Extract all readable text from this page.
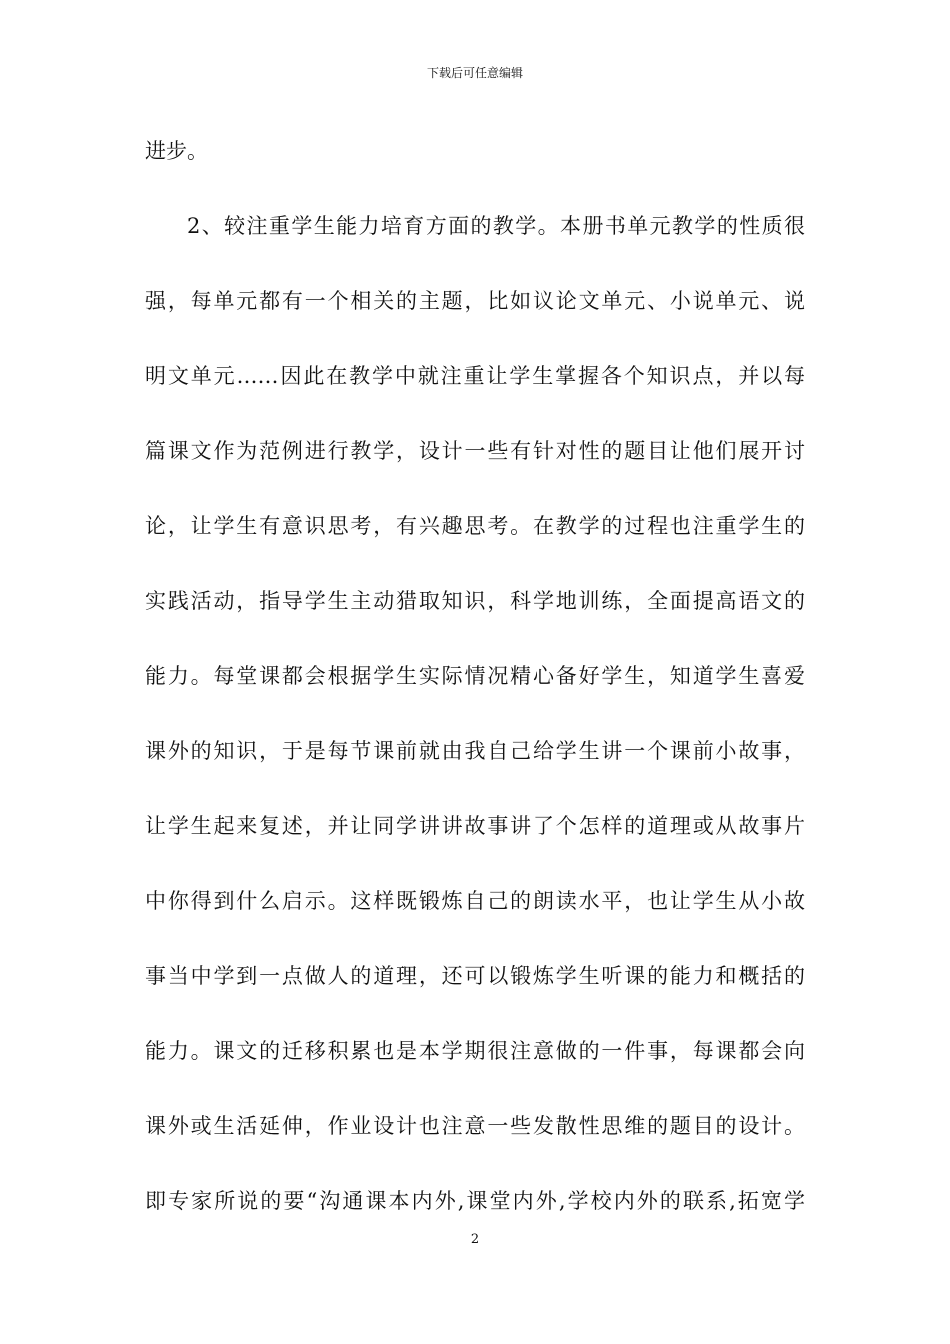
下载后可任意编辑
进步。
2、较注重学生能力培育方面的教学。本册书单元教学的性质很
强，每单元都有一个相关的主题，比如议论文单元、小说单元、说
明文单元……因此在教学中就注重让学生掌握各个知识点，并以每
篇课文作为范例进行教学，设计一些有针对性的题目让他们展开讨
论，让学生有意识思考，有兴趣思考。在教学的过程也注重学生的
实践活动，指导学生主动猎取知识，科学地训练，全面提高语文的
能力。每堂课都会根据学生实际情况精心备好学生，知道学生喜爱
课外的知识，于是每节课前就由我自己给学生讲一个课前小故事，
让学生起来复述，并让同学讲讲故事讲了个怎样的道理或从故事片
中你得到什么启示。这样既锻炼自己的朗读水平，也让学生从小故
事当中学到一点做人的道理，还可以锻炼学生听课的能力和概括的
能力。课文的迁移积累也是本学期很注意做的一件事，每课都会向
课外或生活延伸，作业设计也注意一些发散性思维的题目的设计。
即专家所说的要“沟通课本内外,课堂内外,学校内外的联系,拓宽学
2
